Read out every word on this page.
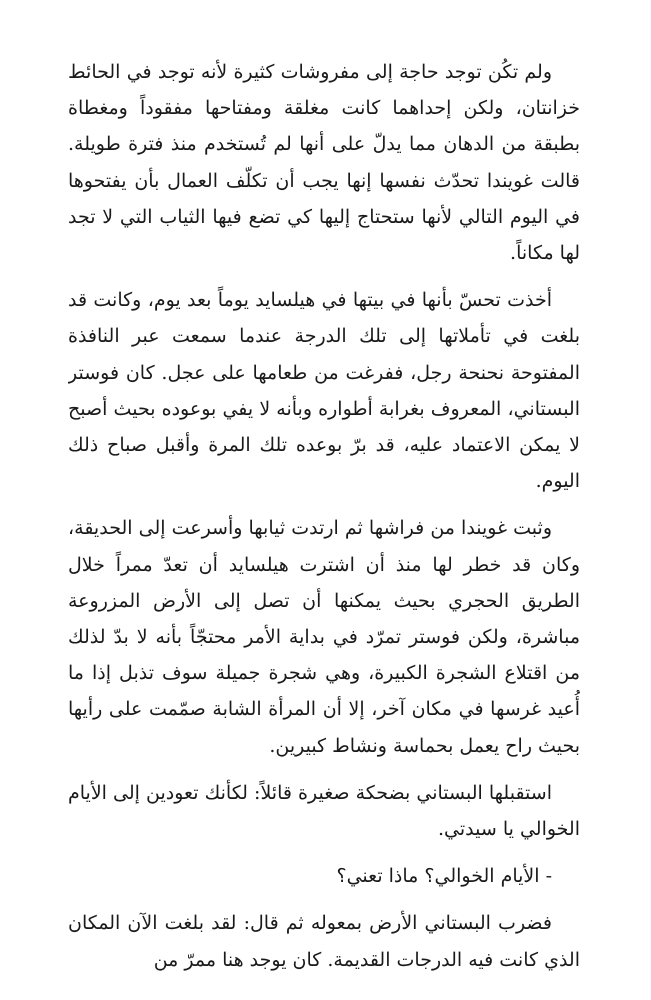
ولم تكُن توجد حاجة إلى مفروشات كثيرة لأنه توجد في الحائط خزانتان، ولكن إحداهما كانت مغلقة ومفتاحها مفقوداً ومغطاة بطبقة من الدهان مما يدلّ على أنها لم تُستخدم منذ فترة طويلة. قالت غويندا تحدّث نفسها إنها يجب أن تكلّف العمال بأن يفتحوها في اليوم التالي لأنها ستحتاج إليها كي تضع فيها الثياب التي لا تجد لها مكاناً.

أخذت تحسّ بأنها في بيتها في هيلسايد يوماً بعد يوم، وكانت قد بلغت في تأملاتها إلى تلك الدرجة عندما سمعت عبر النافذة المفتوحة نحنحة رجل، ففرغت من طعامها على عجل. كان فوستر البستاني، المعروف بغرابة أطواره وبأنه لا يفي بوعوده بحيث أصبح لا يمكن الاعتماد عليه، قد برّ بوعده تلك المرة وأقبل صباح ذلك اليوم.

وثبت غويندا من فراشها ثم ارتدت ثيابها وأسرعت إلى الحديقة، وكان قد خطر لها منذ أن اشترت هيلسايد أن تعدّ ممراً خلال الطريق الحجري بحيث يمكنها أن تصل إلى الأرض المزروعة مباشرة، ولكن فوستر تمرّد في بداية الأمر محتجّاً بأنه لا بدّ لذلك من اقتلاع الشجرة الكبيرة، وهي شجرة جميلة سوف تذبل إذا ما أُعيد غرسها في مكان آخر، إلا أن المرأة الشابة صمّمت على رأيها بحيث راح يعمل بحماسة ونشاط كبيرين.

استقبلها البستاني بضحكة صغيرة قائلاً: لكأنك تعودين إلى الأيام الخوالي يا سيدتي.

- الأيام الخوالي؟ ماذا تعني؟

فضرب البستاني الأرض بمعوله ثم قال: لقد بلغت الآن المكان الذي كانت فيه الدرجات القديمة. كان يوجد هنا ممرّ من
